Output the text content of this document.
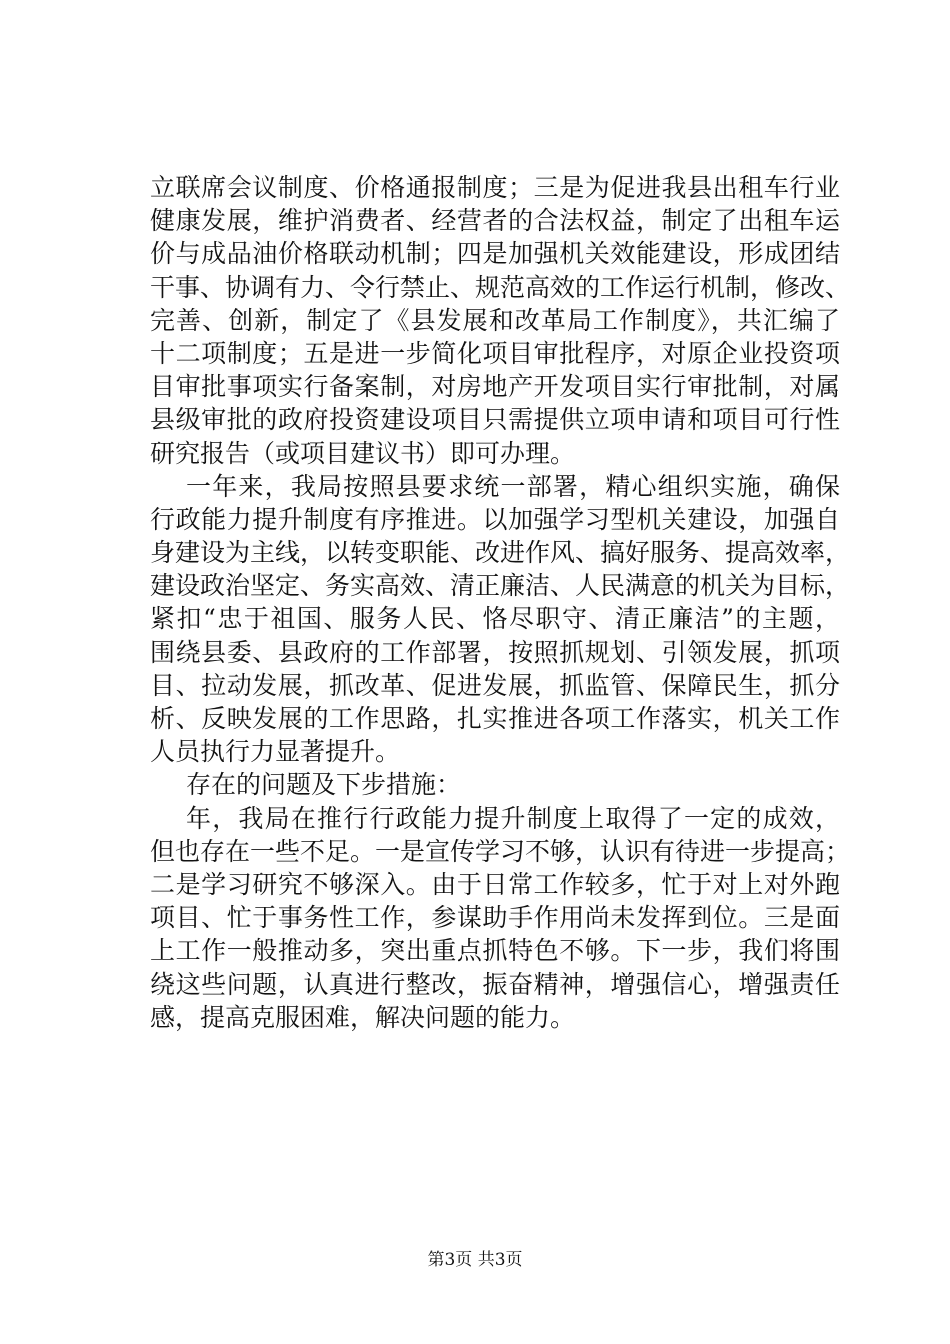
立联席会议制度、价格通报制度；三是为促进我县出租车行业
健康发展，维护消费者、经营者的合法权益，制定了出租车运
价与成品油价格联动机制；四是加强机关效能建设，形成团结
干事、协调有力、令行禁止、规范高效的工作运行机制，修改、
完善、创新，制定了《县发展和改革局工作制度》，共汇编了
十二项制度；五是进一步简化项目审批程序，对原企业投资项
目审批事项实行备案制，对房地产开发项目实行审批制，对属
县级审批的政府投资建设项目只需提供立项申请和项目可行性
研究报告（或项目建议书）即可办理。
一年来，我局按照县要求统一部署，精心组织实施，确保
行政能力提升制度有序推进。以加强学习型机关建设，加强自
身建设为主线，以转变职能、改进作风、搞好服务、提高效率，
建设政治坚定、务实高效、清正廉洁、人民满意的机关为目标，
紧扣“忠于祖国、服务人民、恪尽职守、清正廉洁”的主题，
围绕县委、县政府的工作部署，按照抓规划、引领发展，抓项
目、拉动发展，抓改革、促进发展，抓监管、保障民生，抓分
析、反映发展的工作思路，扎实推进各项工作落实，机关工作
人员执行力显著提升。
存在的问题及下步措施：
年，我局在推行行政能力提升制度上取得了一定的成效，
但也存在一些不足。一是宣传学习不够，认识有待进一步提高；
二是学习研究不够深入。由于日常工作较多，忙于对上对外跑
项目、忙于事务性工作，参谋助手作用尚未发挥到位。三是面
上工作一般推动多，突出重点抓特色不够。下一步，我们将围
绕这些问题，认真进行整改，振奋精神，增强信心，增强责任
感，提高克服困难，解决问题的能力。
第3页 共3页
